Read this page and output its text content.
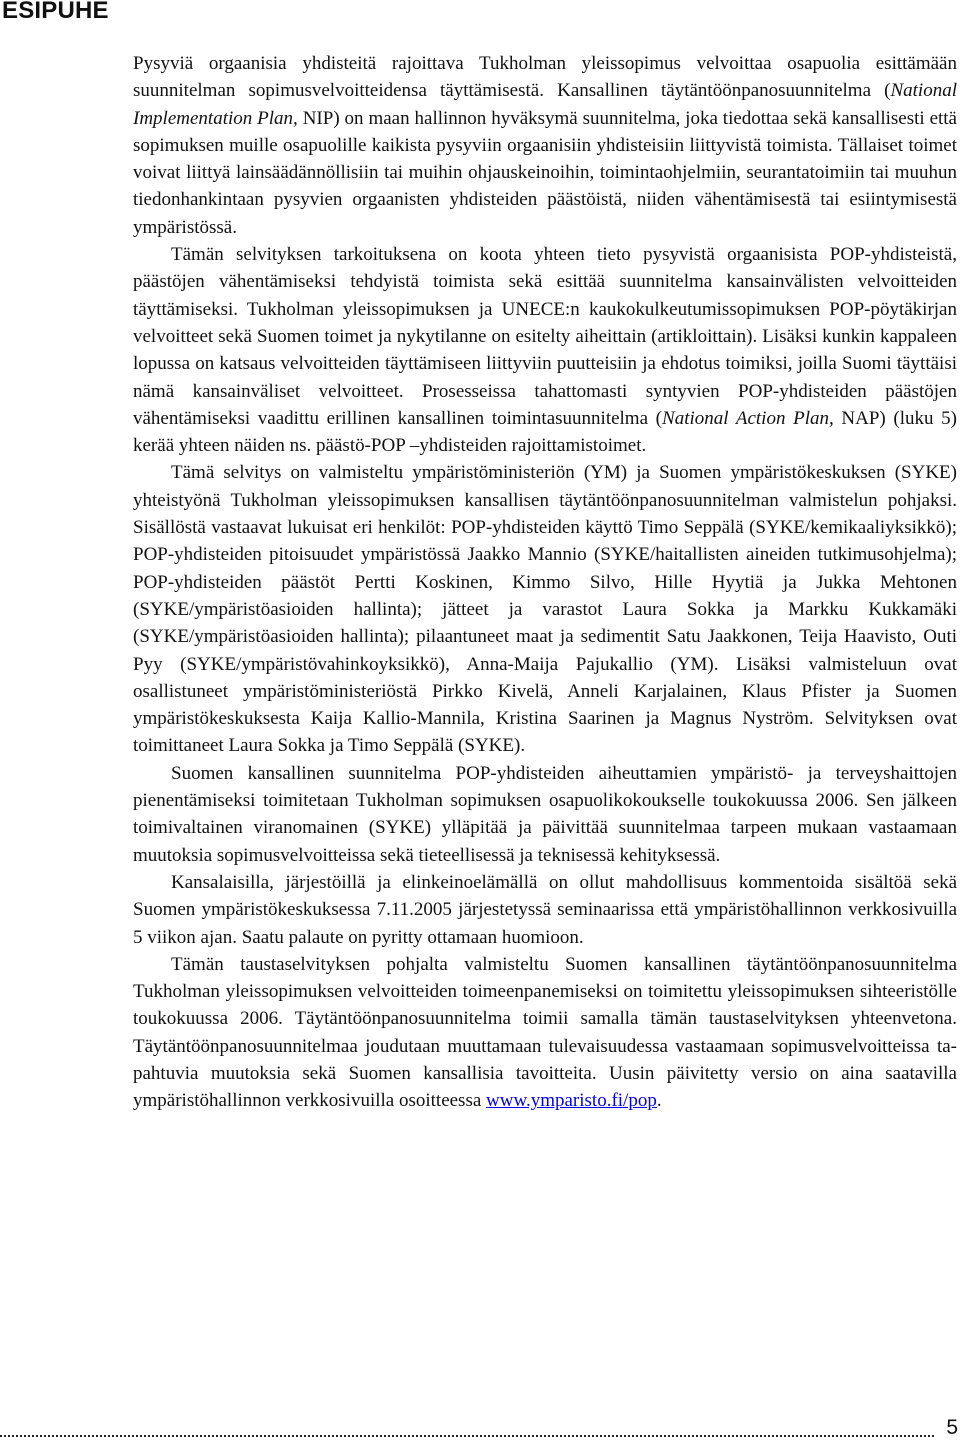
ESIPUHE

Pysyviä orgaanisia yhdisteitä rajoittava Tukholman yleissopimus velvoittaa osapuolia esittämään suunnitelman sopimusvelvoitteidensa täyttämisestä. Kansallinen täytäntöönpanosuunnitelma (National Implementation Plan, NIP) on maan hallinnon hyväksymä suunnitelma, joka tiedottaa sekä kansallisesti että sopimuksen muille osapuolille kaikista pysyviin orgaanisiin yhdisteisiin liittyvistä toimista. Tällaiset toimet voivat liittyä lainsäädännöllisiin tai muihin ohjauskeinoihin, toimintaohjelmiin, seurantatoimiin tai muuhun tiedonhankintaan pysyvien orgaanisten yhdisteiden päästöistä, niiden vähentämisestä tai esiintymisestä ympäristössä.

Tämän selvityksen tarkoituksena on koota yhteen tieto pysyvistä orgaanisista POP-yhdisteistä, päästöjen vähentämiseksi tehdyistä toimista sekä esittää suunnitelma kansainvälisten velvoitteiden täyttämiseksi. Tukholman yleissopimuksen ja UNECE:n kaukokulkeutumissopimuksen POP-pöytäkirjan velvoitteet sekä Suomen toimet ja nykytilanne on esitelty aiheittain (artikloittain). Lisäksi kunkin kappaleen lopussa on katsaus velvoitteiden täyttämiseen liittyviin puutteisiin ja ehdotus toimiksi, joilla Suomi täyttäisi nämä kansainväliset velvoitteet. Prosesseissa tahattomasti syntyvien POP-yhdisteiden päästöjen vähentämiseksi vaadittu erillinen kansallinen toimintasuunnitelma (National Action Plan, NAP) (luku 5) kerää yhteen näiden ns. päästö-POP –yhdisteiden rajoittamistoimet.

Tämä selvitys on valmisteltu ympäristöministeriön (YM) ja Suomen ympäristökeskuksen (SYKE) yhteistyönä Tukholman yleissopimuksen kansallisen täytäntöönpanosuunnitelman valmistelun pohjaksi. Sisällöstä vastaavat lukuisat eri henkilöt: POP-yhdisteiden käyttö Timo Seppälä (SYKE/kemikaaliyksikkö); POP-yhdisteiden pitoisuudet ympäristössä Jaakko Mannio (SYKE/haitallisten aineiden tutkimusohjelma); POP-yhdisteiden päästöt Pertti Koskinen, Kimmo Silvo, Hille Hyytiä ja Jukka Mehtonen (SYKE/ympäristöasioiden hallinta); jätteet ja varastot Laura Sokka ja Markku Kukkamäki (SYKE/ympäristöasioiden hallinta); pilaantuneet maat ja sedimentit Satu Jaakkonen, Teija Haavisto, Outi Pyy (SYKE/ympäristövahinkoyksikkö), Anna-Maija Pajukallio (YM). Lisäksi valmisteluun ovat osallistuneet ympäristöministeriöstä Pirkko Kivelä, Anneli Karjalainen, Klaus Pfister ja Suomen ympäristökeskuksesta Kaija Kallio-Mannila, Kristina Saarinen ja Magnus Nyström. Selvityksen ovat toimittaneet Laura Sokka ja Timo Seppälä (SYKE).

Suomen kansallinen suunnitelma POP-yhdisteiden aiheuttamien ympäristö- ja terveyshaittojen pienentämiseksi toimitetaan Tukholman sopimuksen osapuolikokoukselle toukokuussa 2006. Sen jälkeen toimivaltainen viranomainen (SYKE) ylläpitää ja päivittää suunnitelmaa tarpeen mukaan vastaamaan muutoksia sopimusvelvoitteissa sekä tieteellisessä ja teknisessä kehityksessä.

Kansalaisilla, järjestöillä ja elinkeinoelämällä on ollut mahdollisuus kommentoida sisältöä sekä Suomen ympäristökeskuksessa 7.11.2005 järjestetyssä seminaarissa että ympäristöhallinnon verkkosivuilla 5 viikon ajan. Saatu palaute on pyritty ottamaan huomioon.

Tämän taustaselvityksen pohjalta valmisteltu Suomen kansallinen täytäntöönpanosuunnitelma Tukholman yleissopimuksen velvoitteiden toimeenpanemiseksi on toimitettu yleissopimuksen sihteeristölle toukokuussa 2006. Täytäntöönpanosuunnitelma toimii samalla tämän taustaselvityksen yhteenvetona. Täytäntöönpanosuunnitelmaa joudutaan muuttamaan tulevaisuudessa vastaamaan sopimusvelvoitteissa tapahtuvia muutoksia sekä Suomen kansallisia tavoitteita. Uusin päivitetty versio on aina saatavilla ympäristöhallinnon verkkosivuilla osoitteessa www.ymparisto.fi/pop.

5
